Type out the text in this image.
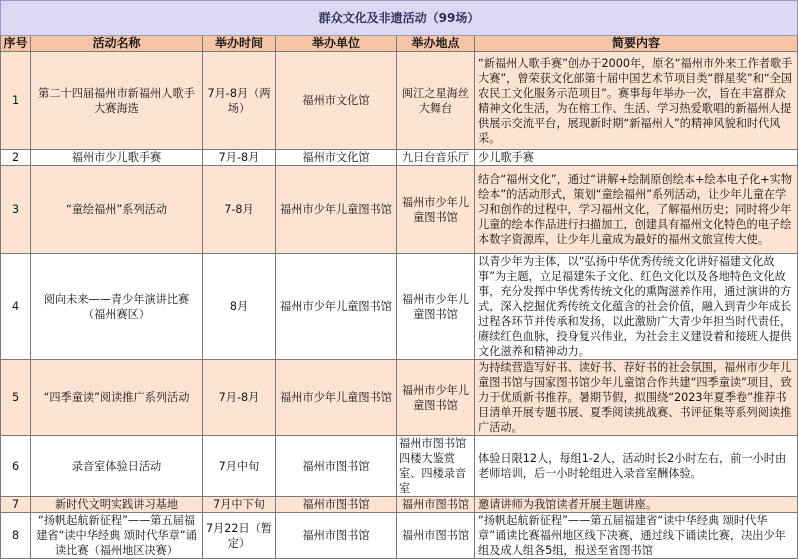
群众文化及非遗活动（99场）					
序号	活动名称	举办时间	举办单位	举办地点	简要内容
1	第二十四届福州市新福州人歌手大赛海选	7月-8月（两场）	福州市文化馆	闽江之星海丝大舞台	“新福州人歌手赛”创办于2000年，原名“福州市外来工作者歌手大赛”，曾荣获文化部第十届中国艺术节项目类“群星奖”和“全国农民工文化服务示范项目”。赛事每年举办一次，旨在丰富群众精神文化生活，为在榕工作、生活、学习热爱歌唱的新福州人提供展示交流平台，展现新时期“新福州人”的精神风貌和时代风采。
2	福州市少儿歌手赛	7月-8月	福州市文化馆	九日台音乐厅	少儿歌手赛
3	“童绘福州”系列活动	7-8月	福州市少年儿童图书馆	福州市少年儿童图书馆	结合“福州文化”，通过“讲解+绘制原创绘本+绘本电子化+实物绘本”的活动形式，策划“童绘福州”系列活动，让少年儿童在学习和创作的过程中，学习福州文化，了解福州历史；同时将少年儿童的绘本作品进行扫描加工，创建具有福州文化特色的电子绘本数字资源库，让少年儿童成为最好的福州文旅宣传大使。
4	阅向未来——青少年演讲比赛（福州赛区）	8月	福州市少年儿童图书馆	福州市少年儿童图书馆	以青少年为主体，以“弘扬中华优秀传统文化讲好福建文化故事”为主题，立足福建朱子文化、红色文化以及各地特色文化故事，充分发挥中华优秀传统文化的熏陶滋养作用，通过演讲的方式，深入挖掘优秀传统文化蕴含的社会价值，融入到青少年成长过程各环节并传承和发扬，以此激励广大青少年担当时代责任，赓续红色血脉，投身复兴伟业，为社会主义建设着和接班人提供文化滋养和精神动力。
5	“四季童读”阅读推广系列活动	7月-8月	福州市少年儿童图书馆	福州市少年儿童图书馆	为持续营造写好书、读好书、荐好书的社会氛围，福州市少年儿童图书馆与国家图书馆少年儿童馆合作共建“四季童读”项目，致力于优质新书推荐。暑期节假，拟围绕“2023年夏季卷”推荐书目清单开展专题书展、夏季阅读挑战赛、书评征集等系列阅读推广活动。
6	录音室体验日活动	7月中旬	福州市图书馆	福州市图书馆四楼大鉴赏室、四楼录音室	体验日限12人，每组1-2人，活动时长2小时左右，前一小时由老师培训，后一小时轮组进入录音室酬体验。
7	新时代文明实践讲习基地	7月中下旬	福州市图书馆	福州市图书馆	邀请讲师为我馆读者开展主题讲座。
8	“扬帆起航新征程”——第五届福建省“读中华经典 颂时代华章”诵读比赛（福州地区决赛）	7月22日（暂定）	福州市图书馆	福州市图书馆	“扬帆起航新征程”——第五届福建省“读中华经典 颂时代华章”诵读比赛福州地区线下决赛，通过线下诵读比赛，决出少年组及成人组各5组，报送至省图书馆
